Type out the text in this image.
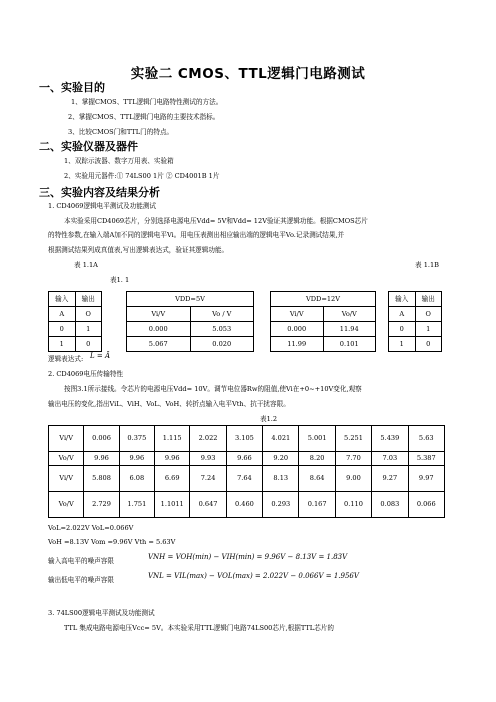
实验二 CMOS、TTL逻辑门电路测试
一、实验目的
1、掌握CMOS、TTL逻辑门电路特性测试的方法。
2、掌握CMOS、TTL逻辑门电路的主要技术指标。
3、比较CMOS门和TTL门的特点。
二、实验仪器及器件
1、双踪示波器、数字万用表、实验箱
2、实验用元器件:① 74LS00 1片 ② CD4001B 1片
三、实验内容及结果分析
1. CD4069逻辑电平测试及功能测试
本实验采用CD4069芯片，分别选择电源电压Vdd= 5V和Vdd= 12V验证其逻辑功能。根据CMOS芯片
的特性参数,在输入端A加不同的逻辑电平Vi。用电压表测出相应输出端的逻辑电平Vo.记录测试结果,并
根据测试结果列成真值表,写出逻辑表达式，验证其逻辑功能。
表 1.1A	表 1.1B
表1. 1
输入	输出
A	O
0	1
1	0
VDD=5V	
Vi/V	Vo / V
0.000	5.053
5.067	0.020
VDD=12V	
Vi/V	Vo/V
0.000	11.94
11.99	0.101
输入	输出
A	O
0	1
1	0
逻辑表达式: L = Ā
2. CD4069电压传输特性
按图3.1所示接线。令芯片的电源电压Vdd= 10V。调节电位器Rw的阻值,使Vi在+0~+10V变化,观察
输出电压的变化,指出ViL、ViH、VoL、VoH、转折点输入电平Vth、抗干扰容限。
表1.2
Vi/V	0.006	0.375	1.115	2.022	3.105	4.021	5.001	5.251	5.439	5.63
Vo/V	9.96	9.96	9.96	9.93	9.66	9.20	8.20	7.70	7.03	5.387
Vi/V	5.808	6.08	6.69	7.24	7.64	8.13	8.64	9.00	9.27	9.97
Vo/V	2.729	1.751	1.1011	0.647	0.460	0.293	0.167	0.110	0.083	0.066
VoL=2.022V VoL=0.066V
VoH =8.13V Vom =9.96V Vth = 5.63V
输入高电平的噪声容限	VNH = VOH(min) − VIH(min) = 9.96V − 8.13V = 1.83V
输出低电平的噪声容限	VNL = VIL(max) − VOL(max) = 2.022V − 0.066V = 1.956V
3. 74LS00逻辑电平测试及功能测试
TTL 集成电路电源电压Vcc= 5V。本实验采用TTL逻辑门电路74LS00芯片,根据TTL芯片的
